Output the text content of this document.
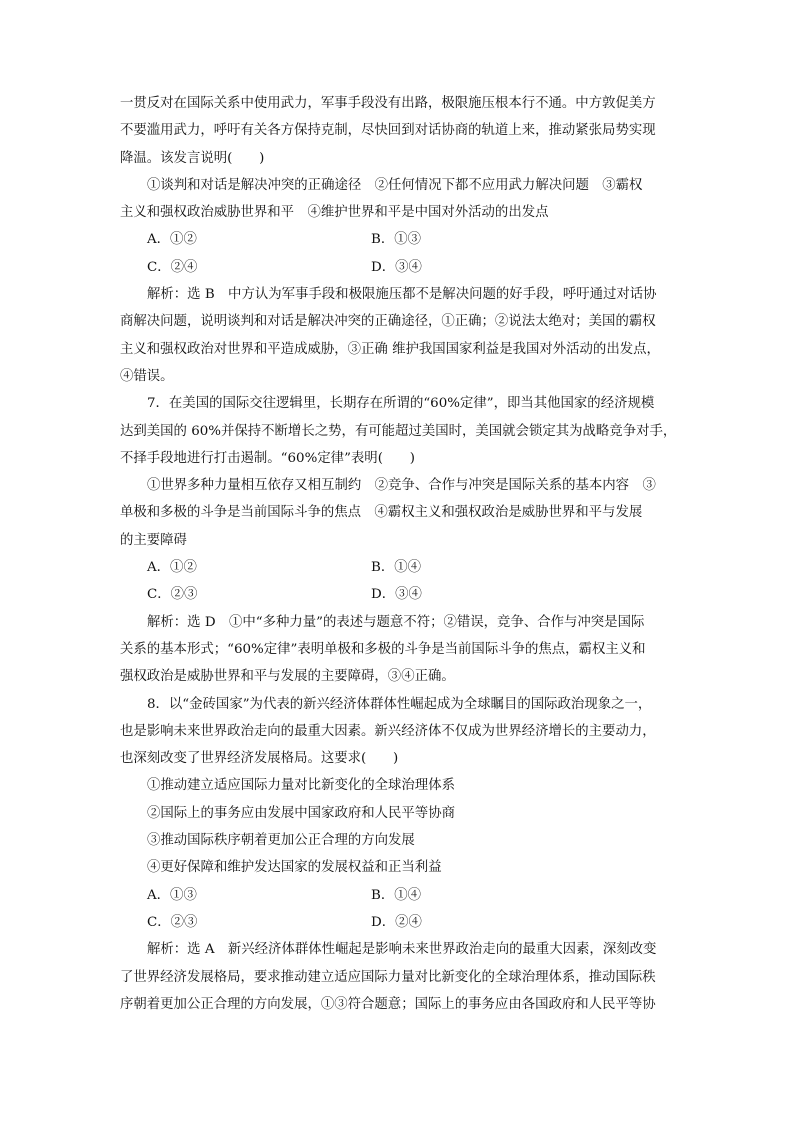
一贯反对在国际关系中使用武力，军事手段没有出路，极限施压根本行不通。中方敦促美方
不要滥用武力，呼吁有关各方保持克制，尽快回到对话协商的轨道上来，推动紧张局势实现
降温。该发言说明(　　)
①谈判和对话是解决冲突的正确途径　②任何情况下都不应用武力解决问题　③霸权
主义和强权政治威胁世界和平　④维护世界和平是中国对外活动的出发点
A．①②	B．①③
C．②④	D．③④
解析：选 B　中方认为军事手段和极限施压都不是解决问题的好手段，呼吁通过对话协
商解决问题，说明谈判和对话是解决冲突的正确途径，①正确；②说法太绝对；美国的霸权
主义和强权政治对世界和平造成威胁，③正确 维护我国国家利益是我国对外活动的出发点，
④错误。
7．在美国的国际交往逻辑里，长期存在所谓的“60%定律”，即当其他国家的经济规模
达到美国的 60%并保持不断增长之势，有可能超过美国时，美国就会锁定其为战略竞争对手，
不择手段地进行打击遏制。“60%定律”表明(　　)
①世界多种力量相互依存又相互制约　②竞争、合作与冲突是国际关系的基本内容　③
单极和多极的斗争是当前国际斗争的焦点　④霸权主义和强权政治是威胁世界和平与发展
的主要障碍
A．①②	B．①④
C．②③	D．③④
解析：选 D　①中“多种力量”的表述与题意不符；②错误，竞争、合作与冲突是国际
关系的基本形式；“60%定律”表明单极和多极的斗争是当前国际斗争的焦点，霸权主义和
强权政治是威胁世界和平与发展的主要障碍，③④正确。
8．以“金砖国家”为代表的新兴经济体群体性崛起成为全球瞩目的国际政治现象之一，
也是影响未来世界政治走向的最重大因素。新兴经济体不仅成为世界经济增长的主要动力，
也深刻改变了世界经济发展格局。这要求(　　)
①推动建立适应国际力量对比新变化的全球治理体系
②国际上的事务应由发展中国家政府和人民平等协商
③推动国际秩序朝着更加公正合理的方向发展
④更好保障和维护发达国家的发展权益和正当利益
A．①③	B．①④
C．②③	D．②④
解析：选 A　新兴经济体群体性崛起是影响未来世界政治走向的最重大因素，深刻改变
了世界经济发展格局，要求推动建立适应国际力量对比新变化的全球治理体系，推动国际秩
序朝着更加公正合理的方向发展，①③符合题意；国际上的事务应由各国政府和人民平等协
